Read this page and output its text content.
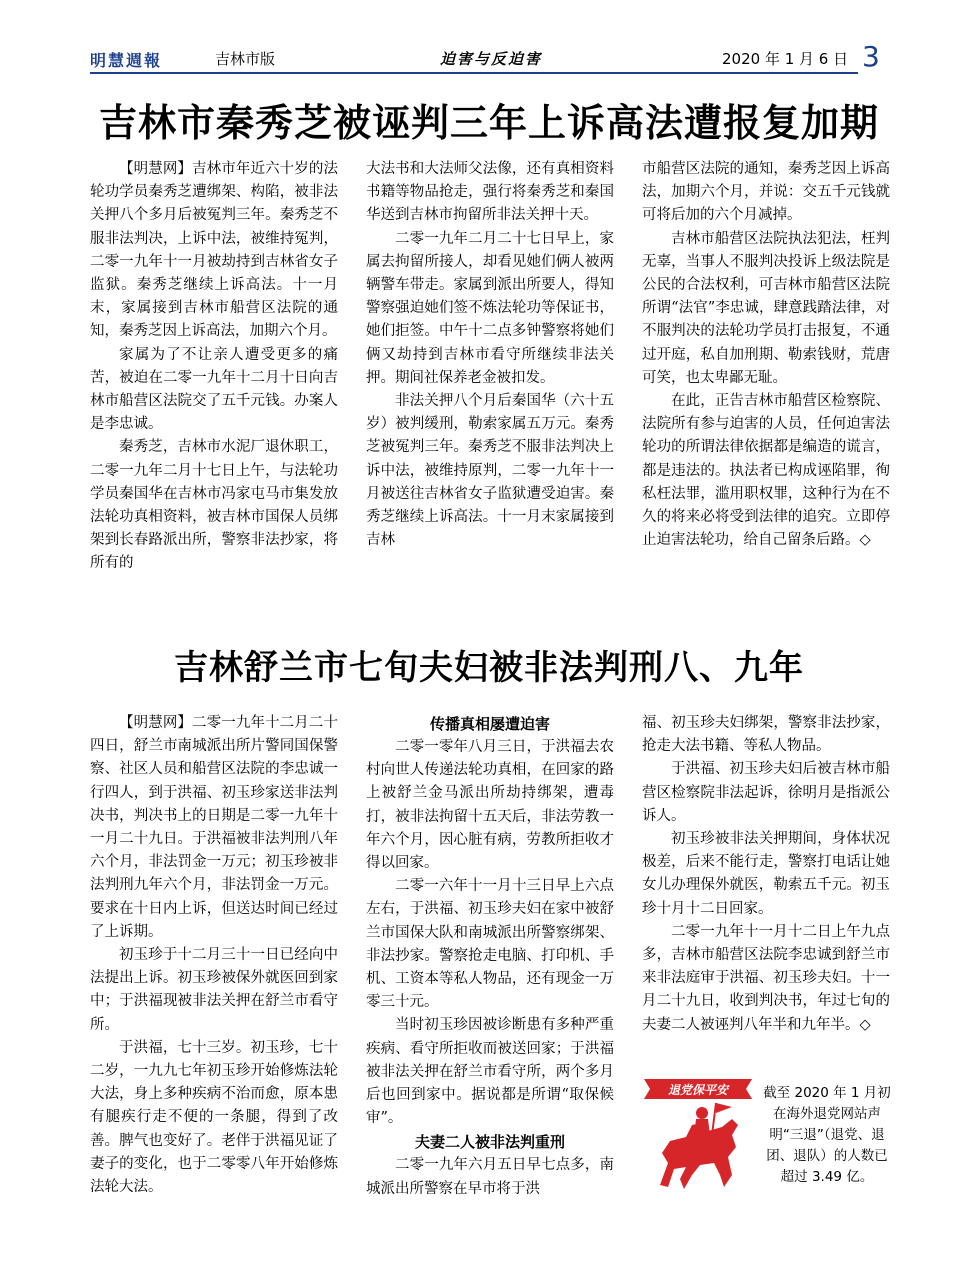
明慧週報	吉林市版	迫害与反迫害	2020 年 1 月 6 日 3
吉林市秦秀芝被诬判三年上诉高法遭报复加期

【明慧网】吉林市年近六十岁的法轮功学员秦秀芝遭绑架、构陷，被非法关押八个多月后被冤判三年。秦秀芝不服非法判决，上诉中法，被维持冤判，二零一九年十一月被劫持到吉林省女子监狱。秦秀芝继续上诉高法。十一月末，家属接到吉林市船营区法院的通知，秦秀芝因上诉高法，加期六个月。

家属为了不让亲人遭受更多的痛苦，被迫在二零一九年十二月十日向吉林市船营区法院交了五千元钱。办案人是李忠诚。

秦秀芝，吉林市水泥厂退休职工，二零一九年二月十七日上午，与法轮功学员秦国华在吉林市冯家屯马市集发放法轮功真相资料，被吉林市国保人员绑架到长春路派出所，警察非法抄家，将所有的

大法书和大法师父法像，还有真相资料书籍等物品抢走，强行将秦秀芝和秦国华送到吉林市拘留所非法关押十天。

二零一九年二月二十七日早上，家属去拘留所接人，却看见她们俩人被两辆警车带走。家属到派出所要人，得知警察强迫她们签不炼法轮功等保证书，她们拒签。中午十二点多钟警察将她们俩又劫持到吉林市看守所继续非法关押。期间社保养老金被扣发。

非法关押八个月后秦国华（六十五岁）被判缓刑，勒索家属五万元。秦秀芝被冤判三年。秦秀芝不服非法判决上诉中法，被维持原判，二零一九年十一月被送往吉林省女子监狱遭受迫害。秦秀芝继续上诉高法。十一月末家属接到吉林

市船营区法院的通知，秦秀芝因上诉高法，加期六个月，并说：交五千元钱就可将后加的六个月减掉。

吉林市船营区法院执法犯法，枉判无辜，当事人不服判决投诉上级法院是公民的合法权利，可吉林市船营区法院所谓“法官”李忠诚，肆意践踏法律，对不服判决的法轮功学员打击报复，不通过开庭，私自加刑期、勒索钱财，荒唐可笑，也太卑鄙无耻。

在此，正告吉林市船营区检察院、法院所有参与迫害的人员，任何迫害法轮功的所谓法律依据都是编造的谎言，都是违法的。执法者已构成诬陷罪，徇私枉法罪，滥用职权罪，这种行为在不久的将来必将受到法律的追究。立即停止迫害法轮功，给自己留条后路。◇

吉林舒兰市七旬夫妇被非法判刑八、九年

【明慧网】二零一九年十二月二十四日，舒兰市南城派出所片警同国保警察、社区人员和船营区法院的李忠诚一行四人，到于洪福、初玉珍家送非法判决书，判决书上的日期是二零一九年十一月二十九日。于洪福被非法判刑八年六个月，非法罚金一万元；初玉珍被非法判刑九年六个月，非法罚金一万元。要求在十日内上诉，但送达时间已经过了上诉期。

初玉珍于十二月三十一日已经向中法提出上诉。初玉珍被保外就医回到家中；于洪福现被非法关押在舒兰市看守所。

于洪福，七十三岁。初玉珍，七十二岁，一九九七年初玉珍开始修炼法轮大法，身上多种疾病不治而愈，原本患有腿疾行走不便的一条腿，得到了改善。脾气也变好了。老伴于洪福见证了妻子的变化，也于二零零八年开始修炼法轮大法。

传播真相屡遭迫害

二零一零年八月三日，于洪福去农村向世人传递法轮功真相，在回家的路上被舒兰金马派出所劫持绑架，遭毒打，被非法拘留十五天后，非法劳教一年六个月，因心脏有病，劳教所拒收才得以回家。

二零一六年十一月十三日早上六点左右，于洪福、初玉珍夫妇在家中被舒兰市国保大队和南城派出所警察绑架、非法抄家。警察抢走电脑、打印机、手机、工资本等私人物品，还有现金一万零三十元。

当时初玉珍因被诊断患有多种严重疾病、看守所拒收而被送回家；于洪福被非法关押在舒兰市看守所，两个多月后也回到家中。据说都是所谓“取保候审”。

夫妻二人被非法判重刑

二零一九年六月五日早七点多，南城派出所警察在早市将于洪

福、初玉珍夫妇绑架，警察非法抄家，抢走大法书籍、等私人物品。

于洪福、初玉珍夫妇后被吉林市船营区检察院非法起诉，徐明月是指派公诉人。

初玉珍被非法关押期间，身体状况极差，后来不能行走，警察打电话让她女儿办理保外就医，勒索五千元。初玉珍十月十二日回家。

二零一九年十一月十二日上午九点多，吉林市船营区法院李忠诚到舒兰市来非法庭审于洪福、初玉珍夫妇。十一月二十九日，收到判决书，年过七旬的夫妻二人被诬判八年半和九年半。◇

退党保平安	截至 2020 年 1 月初在海外退党网站声明“三退”（退党、退团、退队）的人数已超过 3.49 亿。
